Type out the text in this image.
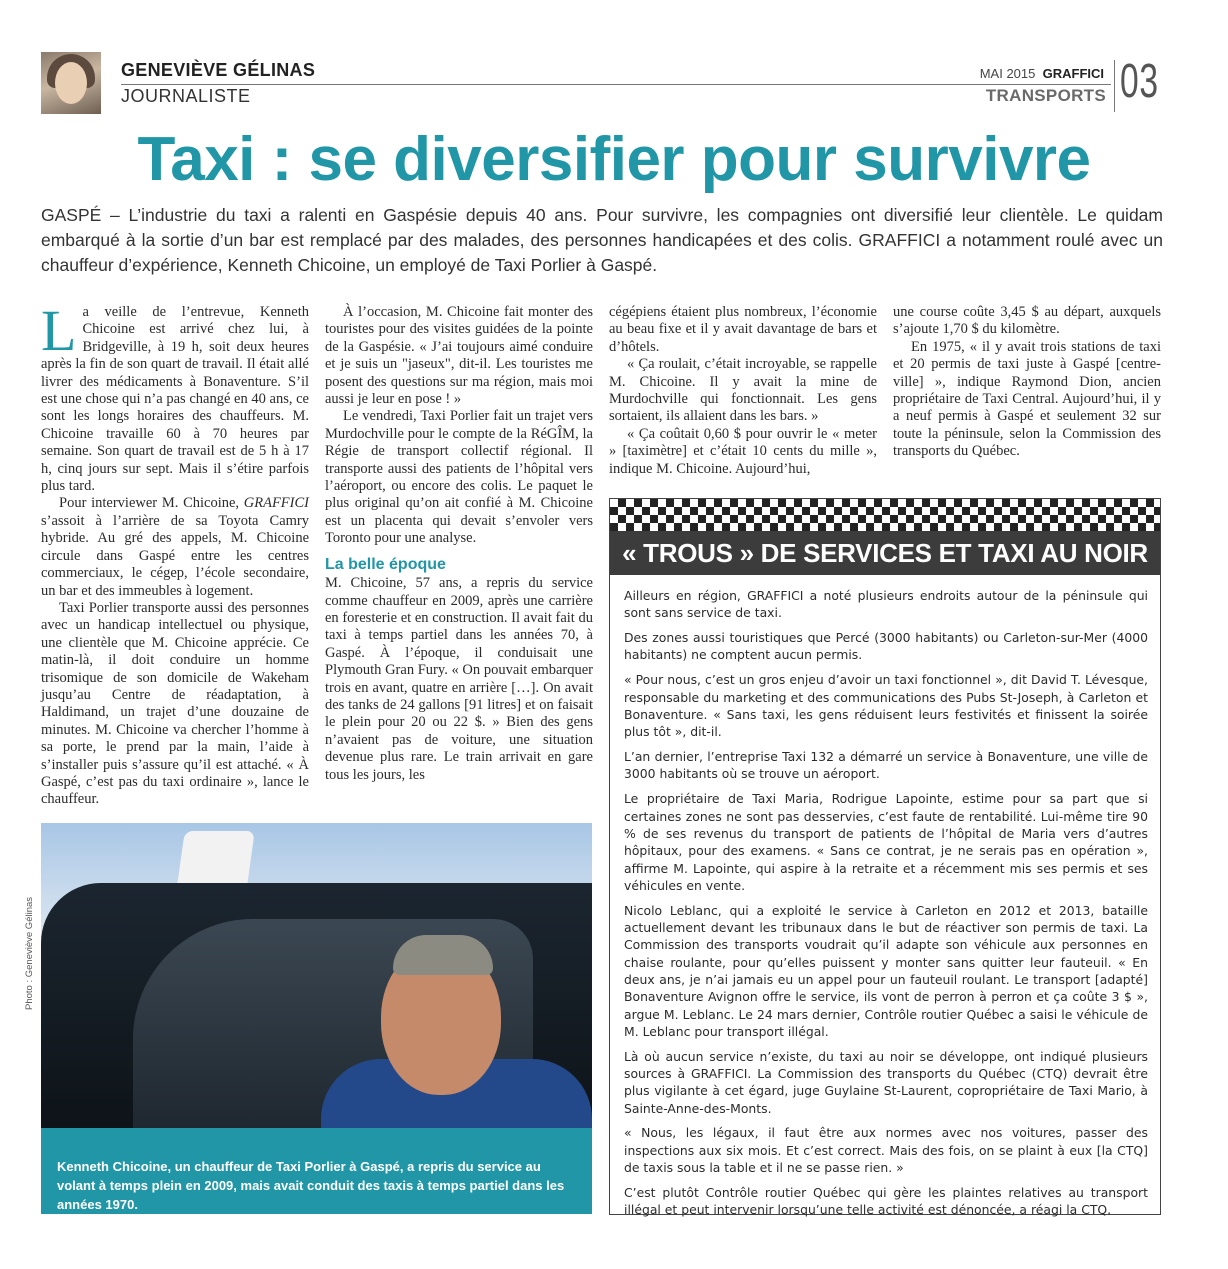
GENEVIÈVE GÉLINAS
JOURNALISTE
MAI 2015 GRAFFICI
TRANSPORTS 03
Taxi : se diversifier pour survivre

GASPÉ – L’industrie du taxi a ralenti en Gaspésie depuis 40 ans. Pour survivre, les compagnies ont diversifié leur clientèle. Le quidam embarqué à la sortie d’un bar est remplacé par des malades, des personnes handicapées et des colis. GRAFFICI a notamment roulé avec un chauffeur d’expérience, Kenneth Chicoine, un employé de Taxi Porlier à Gaspé.

La veille de l’entrevue, Kenneth Chicoine est arrivé chez lui, à Bridgeville, à 19 h, soit deux heures après la fin de son quart de travail. Il était allé livrer des médicaments à Bonaventure. S’il est une chose qui n’a pas changé en 40 ans, ce sont les longs horaires des chauffeurs. M. Chicoine travaille 60 à 70 heures par semaine. Son quart de travail est de 5 h à 17 h, cinq jours sur sept. Mais il s’étire parfois plus tard.

Pour interviewer M. Chicoine, GRAFFICI s’assoit à l’arrière de sa Toyota Camry hybride. Au gré des appels, M. Chicoine circule dans Gaspé entre les centres commerciaux, le cégep, l’école secondaire, un bar et des immeubles à logement.

Taxi Porlier transporte aussi des personnes avec un handicap intellectuel ou physique, une clientèle que M. Chicoine apprécie. Ce matin-là, il doit conduire un homme trisomique de son domicile de Wakeham jusqu’au Centre de réadaptation, à Haldimand, un trajet d’une douzaine de minutes. M. Chicoine va chercher l’homme à sa porte, le prend par la main, l’aide à s’installer puis s’assure qu’il est attaché. « À Gaspé, c’est pas du taxi ordinaire », lance le chauffeur.

À l’occasion, M. Chicoine fait monter des touristes pour des visites guidées de la pointe de la Gaspésie. « J’ai toujours aimé conduire et je suis un "jaseux", dit-il. Les touristes me posent des questions sur ma région, mais moi aussi je leur en pose ! »

Le vendredi, Taxi Porlier fait un trajet vers Murdochville pour le compte de la RéGÎM, la Régie de transport collectif régional. Il transporte aussi des patients de l’hôpital vers l’aéroport, ou encore des colis. Le paquet le plus original qu’on ait confié à M. Chicoine est un placenta qui devait s’envoler vers Toronto pour une analyse.

La belle époque

M. Chicoine, 57 ans, a repris du service comme chauffeur en 2009, après une carrière en foresterie et en construction. Il avait fait du taxi à temps partiel dans les années 70, à Gaspé. À l’époque, il conduisait une Plymouth Gran Fury. « On pouvait embarquer trois en avant, quatre en arrière […]. On avait des tanks de 24 gallons [91 litres] et on faisait le plein pour 20 ou 22 $. » Bien des gens n’avaient pas de voiture, une situation devenue plus rare. Le train arrivait en gare tous les jours, les

cégépiens étaient plus nombreux, l’économie au beau fixe et il y avait davantage de bars et d’hôtels.

« Ça roulait, c’était incroyable, se rappelle M. Chicoine. Il y avait la mine de Murdochville qui fonctionnait. Les gens sortaient, ils allaient dans les bars. »

« Ça coûtait 0,60 $ pour ouvrir le « meter » [taximètre] et c’était 10 cents du mille », indique M. Chicoine. Aujourd’hui,

une course coûte 3,45 $ au départ, auxquels s’ajoute 1,70 $ du kilomètre.

En 1975, « il y avait trois stations de taxi et 20 permis de taxi juste à Gaspé [centre-ville] », indique Raymond Dion, ancien propriétaire de Taxi Central. Aujourd’hui, il y a neuf permis à Gaspé et seulement 32 sur toute la péninsule, selon la Commission des transports du Québec.

Photo : Geneviève Gélinas
Kenneth Chicoine, un chauffeur de Taxi Porlier à Gaspé, a repris du service au volant à temps plein en 2009, mais avait conduit des taxis à temps partiel dans les années 1970.
« TROUS » DE SERVICES ET TAXI AU NOIR

Ailleurs en région, GRAFFICI a noté plusieurs endroits autour de la péninsule qui sont sans service de taxi.

Des zones aussi touristiques que Percé (3000 habitants) ou Carleton-sur-Mer (4000 habitants) ne comptent aucun permis.

« Pour nous, c’est un gros enjeu d’avoir un taxi fonctionnel », dit David T. Lévesque, responsable du marketing et des communications des Pubs St-Joseph, à Carleton et Bonaventure. « Sans taxi, les gens réduisent leurs festivités et finissent la soirée plus tôt », dit-il.

L’an dernier, l’entreprise Taxi 132 a démarré un service à Bonaventure, une ville de 3000 habitants où se trouve un aéroport.

Le propriétaire de Taxi Maria, Rodrigue Lapointe, estime pour sa part que si certaines zones ne sont pas desservies, c’est faute de rentabilité. Lui-même tire 90 % de ses revenus du transport de patients de l’hôpital de Maria vers d’autres hôpitaux, pour des examens. « Sans ce contrat, je ne serais pas en opération », affirme M. Lapointe, qui aspire à la retraite et a récemment mis ses permis et ses véhicules en vente.

Nicolo Leblanc, qui a exploité le service à Carleton en 2012 et 2013, bataille actuellement devant les tribunaux dans le but de réactiver son permis de taxi. La Commission des transports voudrait qu’il adapte son véhicule aux personnes en chaise roulante, pour qu’elles puissent y monter sans quitter leur fauteuil. « En deux ans, je n’ai jamais eu un appel pour un fauteuil roulant. Le transport [adapté] Bonaventure Avignon offre le service, ils vont de perron à perron et ça coûte 3 $ », argue M. Leblanc. Le 24 mars dernier, Contrôle routier Québec a saisi le véhicule de M. Leblanc pour transport illégal.

Là où aucun service n’existe, du taxi au noir se développe, ont indiqué plusieurs sources à GRAFFICI. La Commission des transports du Québec (CTQ) devrait être plus vigilante à cet égard, juge Guylaine St-Laurent, copropriétaire de Taxi Mario, à Sainte-Anne-des-Monts.

« Nous, les légaux, il faut être aux normes avec nos voitures, passer des inspections aux six mois. Et c’est correct. Mais des fois, on se plaint à eux [la CTQ] de taxis sous la table et il ne se passe rien. »

C’est plutôt Contrôle routier Québec qui gère les plaintes relatives au transport illégal et peut intervenir lorsqu’une telle activité est dénoncée, a réagi la CTQ.
